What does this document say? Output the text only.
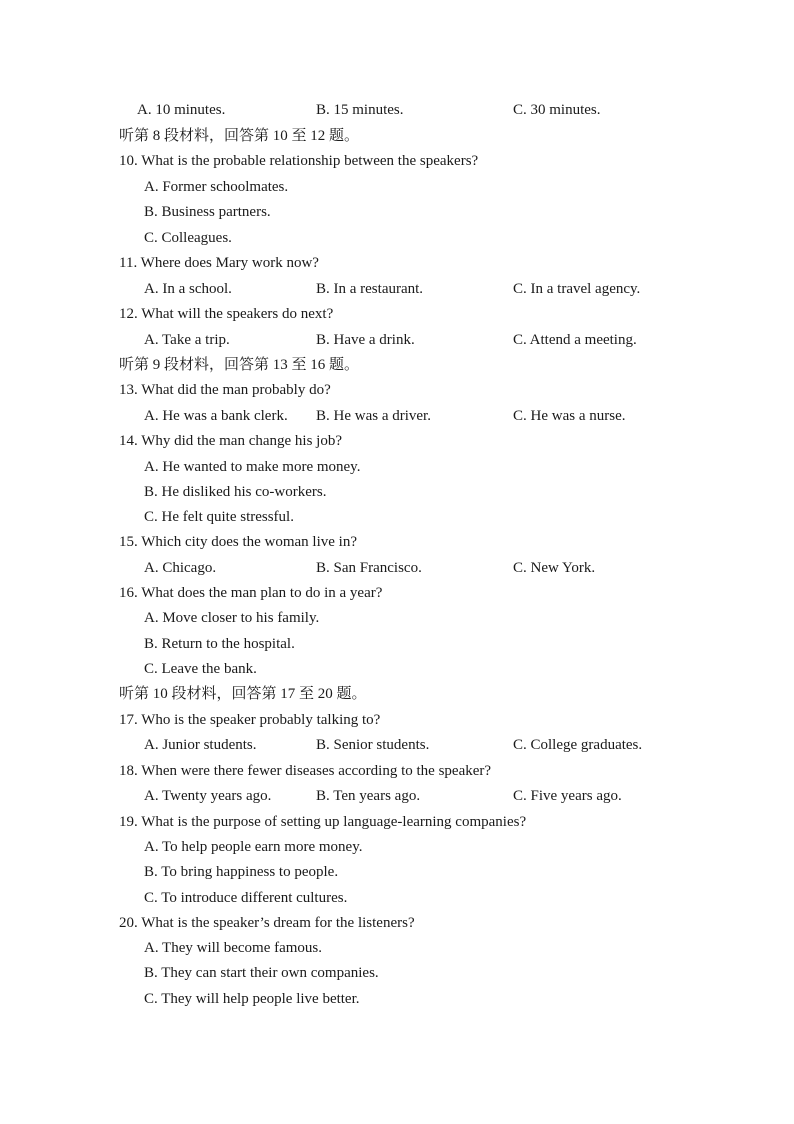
A. 10 minutes.	B. 15 minutes.	C. 30 minutes.
听第 8 段材料，回答第 10 至 12 题。
10. What is the probable relationship between the speakers?
A. Former schoolmates.
B. Business partners.
C. Colleagues.
11. Where does Mary work now?
A. In a school.	B. In a restaurant.	C. In a travel agency.
12. What will the speakers do next?
A. Take a trip.	B. Have a drink.	C. Attend a meeting.
听第 9 段材料，回答第 13 至 16 题。
13. What did the man probably do?
A. He was a bank clerk. B. He was a driver.	C. He was a nurse.
14. Why did the man change his job?
A. He wanted to make more money.
B. He disliked his co-workers.
C. He felt quite stressful.
15. Which city does the woman live in?
A. Chicago.	B. San Francisco.	C. New York.
16. What does the man plan to do in a year?
A. Move closer to his family.
B. Return to the hospital.
C. Leave the bank.
听第 10 段材料，回答第 17 至 20 题。
17. Who is the speaker probably talking to?
A. Junior students.	B. Senior students.	C. College graduates.
18. When were there fewer diseases according to the speaker?
A. Twenty years ago.	B. Ten years ago.	C. Five years ago.
19. What is the purpose of setting up language-learning companies?
A. To help people earn more money.
B. To bring happiness to people.
C. To introduce different cultures.
20. What is the speaker’s dream for the listeners?
A. They will become famous.
B. They can start their own companies.
C. They will help people live better.
